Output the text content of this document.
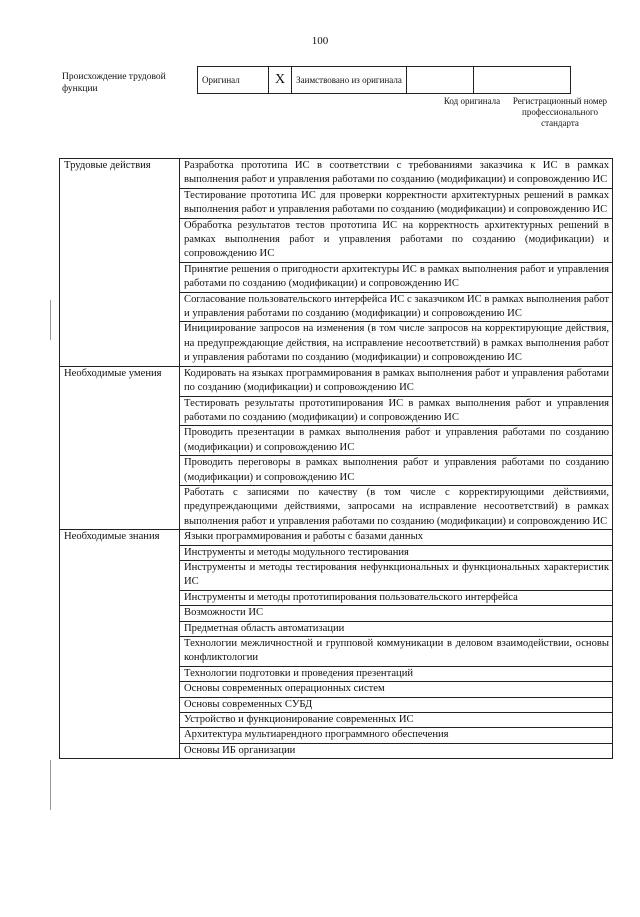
100
Происхождение трудовой функции
Оригинал	X	Заимствовано из оригинала		
Код оригинала	Регистрационный номер профессионального стандарта
Трудовые действия	Разработка прототипа ИС в соответствии с требованиями заказчика к ИС в рамках выполнения работ и управления работами по созданию (модификации) и сопровождению ИС
	Тестирование прототипа ИС для проверки корректности архитектурных решений в рамках выполнения работ и управления работами по созданию (модификации) и сопровождению ИС
	Обработка результатов тестов прототипа ИС на корректность архитектурных решений в рамках выполнения работ и управления работами по созданию (модификации) и сопровождению ИС
	Принятие решения о пригодности архитектуры ИС в рамках выполнения работ и управления работами по созданию (модификации) и сопровождению ИС
	Согласование пользовательского интерфейса ИС с заказчиком ИС в рамках выполнения работ и управления работами по созданию (модификации) и сопровождению ИС
	Инициирование запросов на изменения (в том числе запросов на корректирующие действия, на предупреждающие действия, на исправление несоответствий) в рамках выполнения работ и управления работами по созданию (модификации) и сопровождению ИС
Необходимые умения	Кодировать на языках программирования в рамках выполнения работ и управления работами по созданию (модификации) и сопровождению ИС
	Тестировать результаты прототипирования ИС в рамках выполнения работ и управления работами по созданию (модификации) и сопровождению ИС
	Проводить презентации в рамках выполнения работ и управления работами по созданию (модификации) и сопровождению ИС
	Проводить переговоры в рамках выполнения работ и управления работами по созданию (модификации) и сопровождению ИС
	Работать с записями по качеству (в том числе с корректирующими действиями, предупреждающими действиями, запросами на исправление несоответствий) в рамках выполнения работ и управления работами по созданию (модификации) и сопровождению ИС
Необходимые знания	Языки программирования и работы с базами данных
	Инструменты и методы модульного тестирования
	Инструменты и методы тестирования нефункциональных и функциональных характеристик ИС
	Инструменты и методы прототипирования пользовательского интерфейса
	Возможности ИС
	Предметная область автоматизации
	Технологии межличностной и групповой коммуникации в деловом взаимодействии, основы конфликтологии
	Технологии подготовки и проведения презентаций
	Основы современных операционных систем
	Основы современных СУБД
	Устройство и функционирование современных ИС
	Архитектура мультиарендного программного обеспечения
	Основы ИБ организации
